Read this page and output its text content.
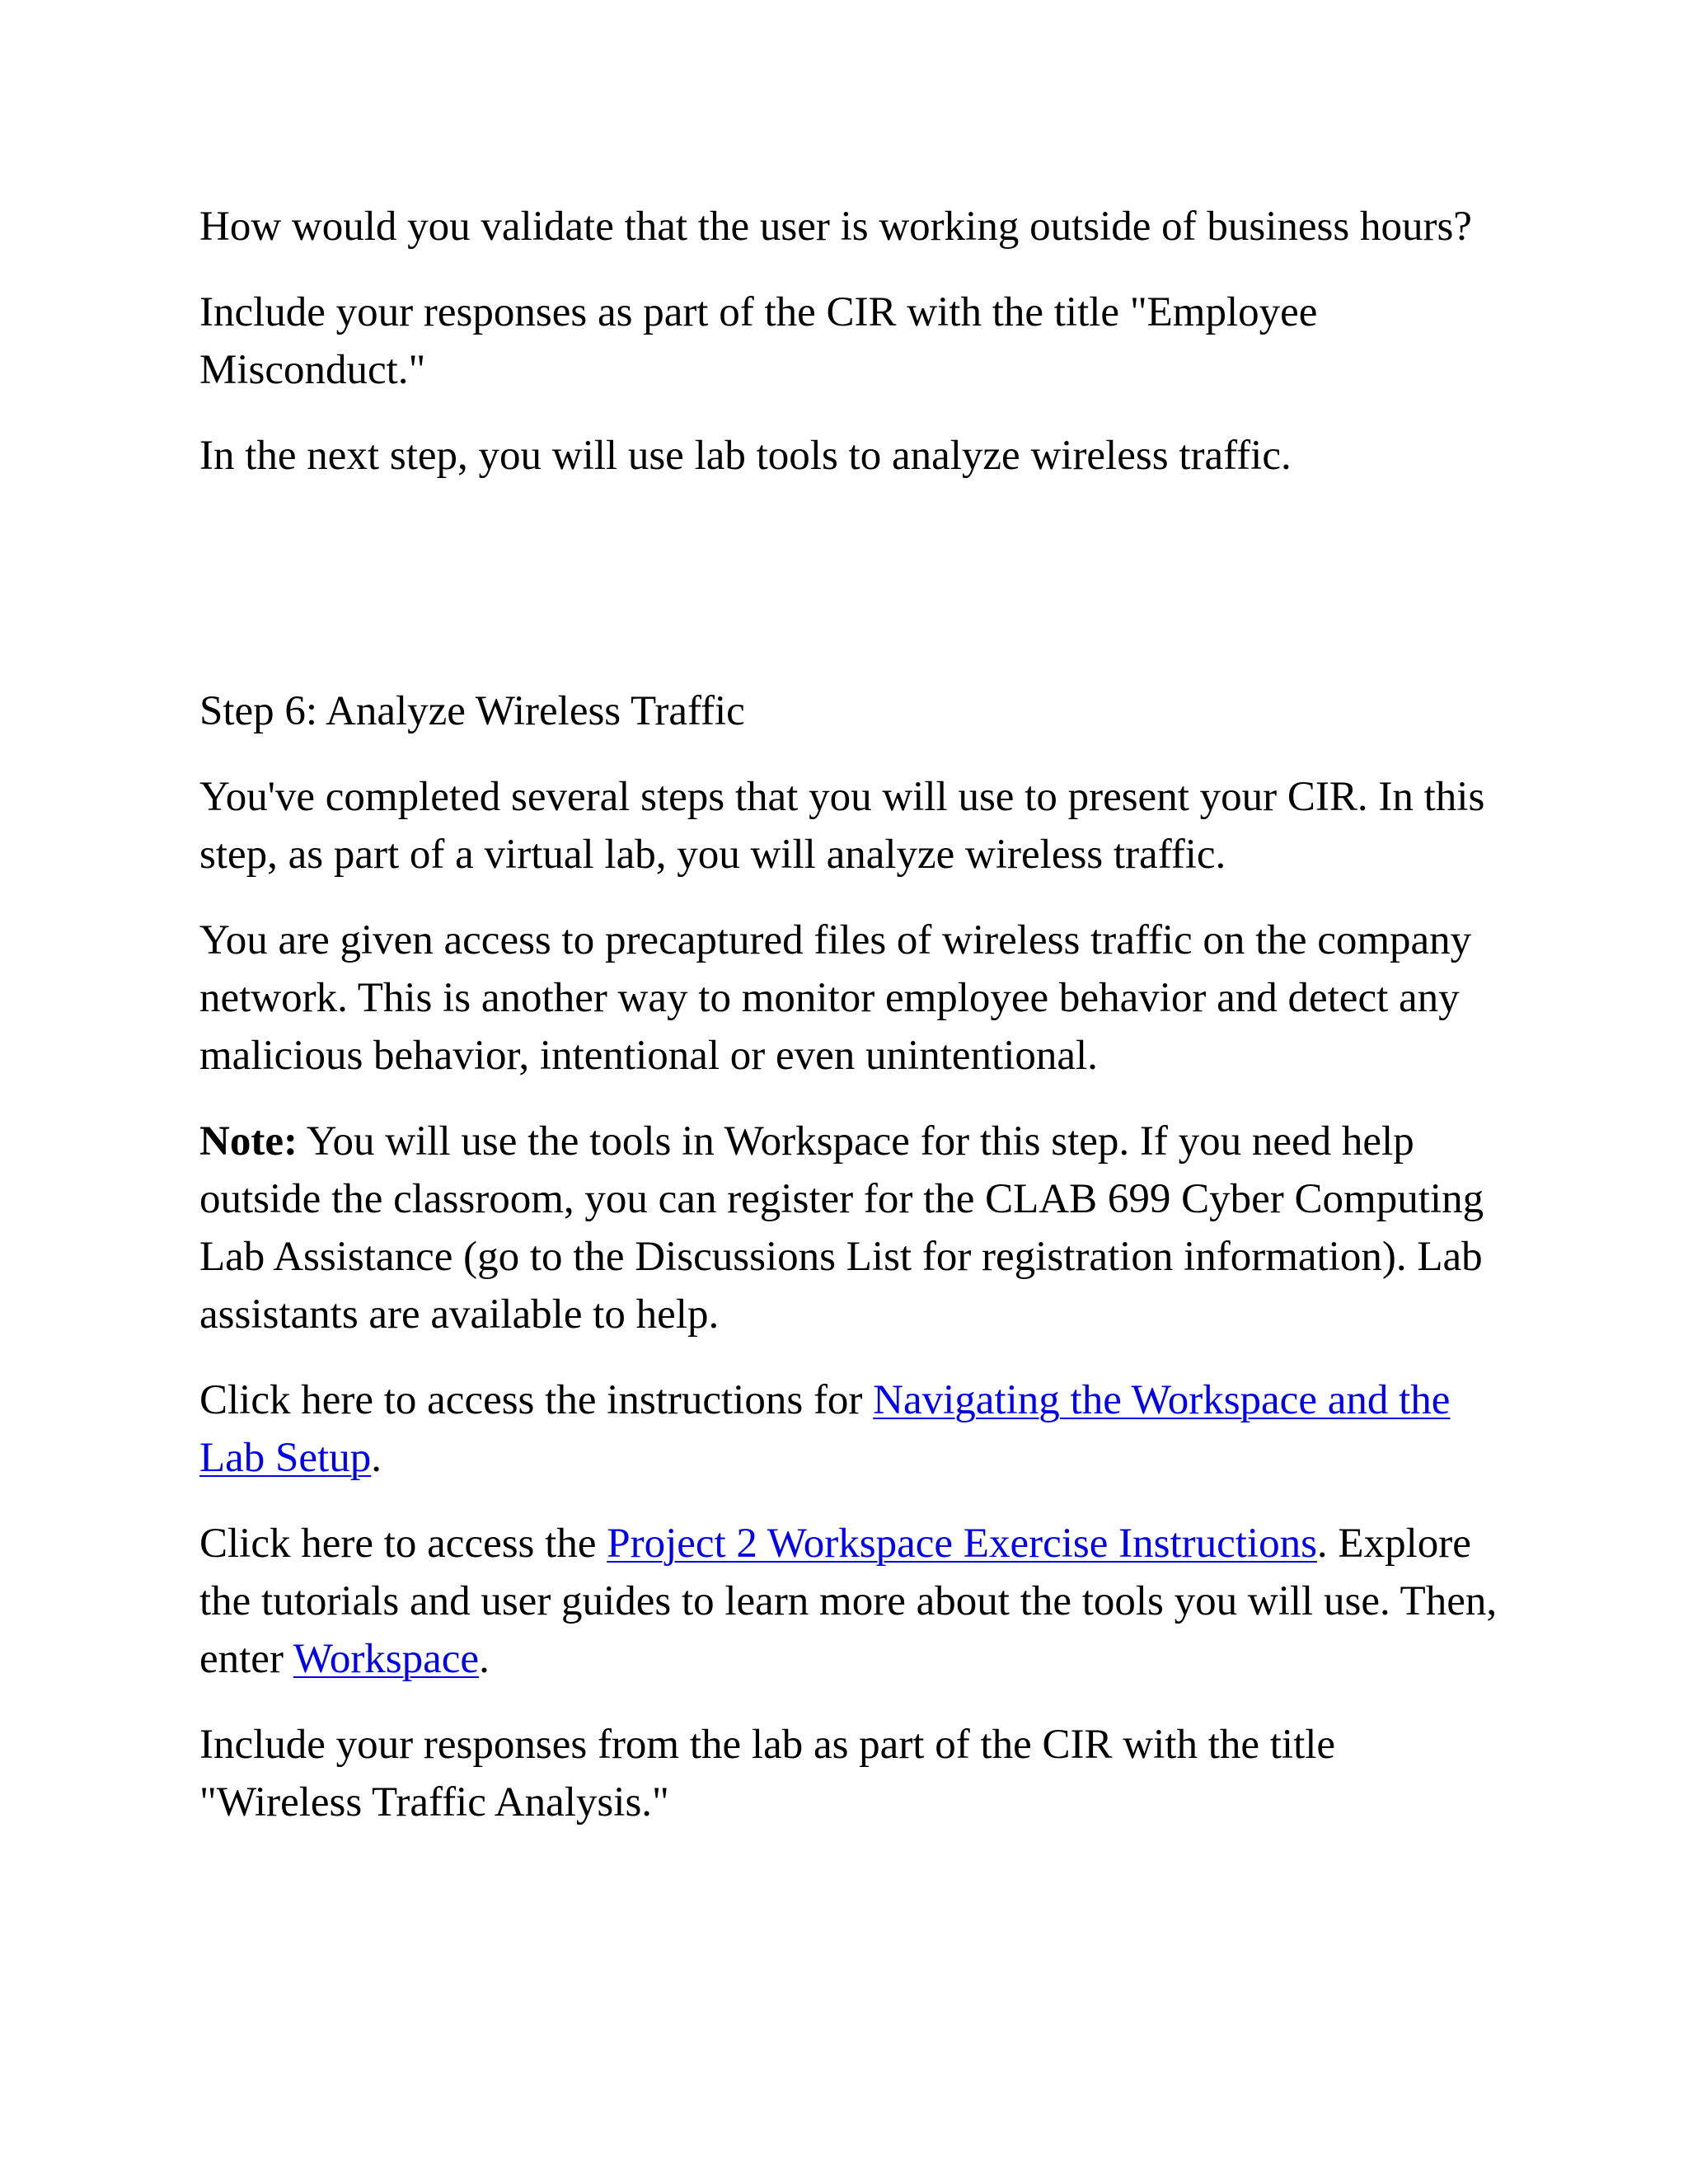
How would you validate that the user is working outside of business hours?

Include your responses as part of the CIR with the title "Employee Misconduct."

In the next step, you will use lab tools to analyze wireless traffic.

Step 6: Analyze Wireless Traffic

You've completed several steps that you will use to present your CIR. In this step, as part of a virtual lab, you will analyze wireless traffic.

You are given access to precaptured files of wireless traffic on the company network. This is another way to monitor employee behavior and detect any malicious behavior, intentional or even unintentional.

Note: You will use the tools in Workspace for this step. If you need help outside the classroom, you can register for the CLAB 699 Cyber Computing Lab Assistance (go to the Discussions List for registration information). Lab assistants are available to help.

Click here to access the instructions for Navigating the Workspace and the Lab Setup.

Click here to access the Project 2 Workspace Exercise Instructions. Explore the tutorials and user guides to learn more about the tools you will use. Then, enter Workspace.

Include your responses from the lab as part of the CIR with the title "Wireless Traffic Analysis."
